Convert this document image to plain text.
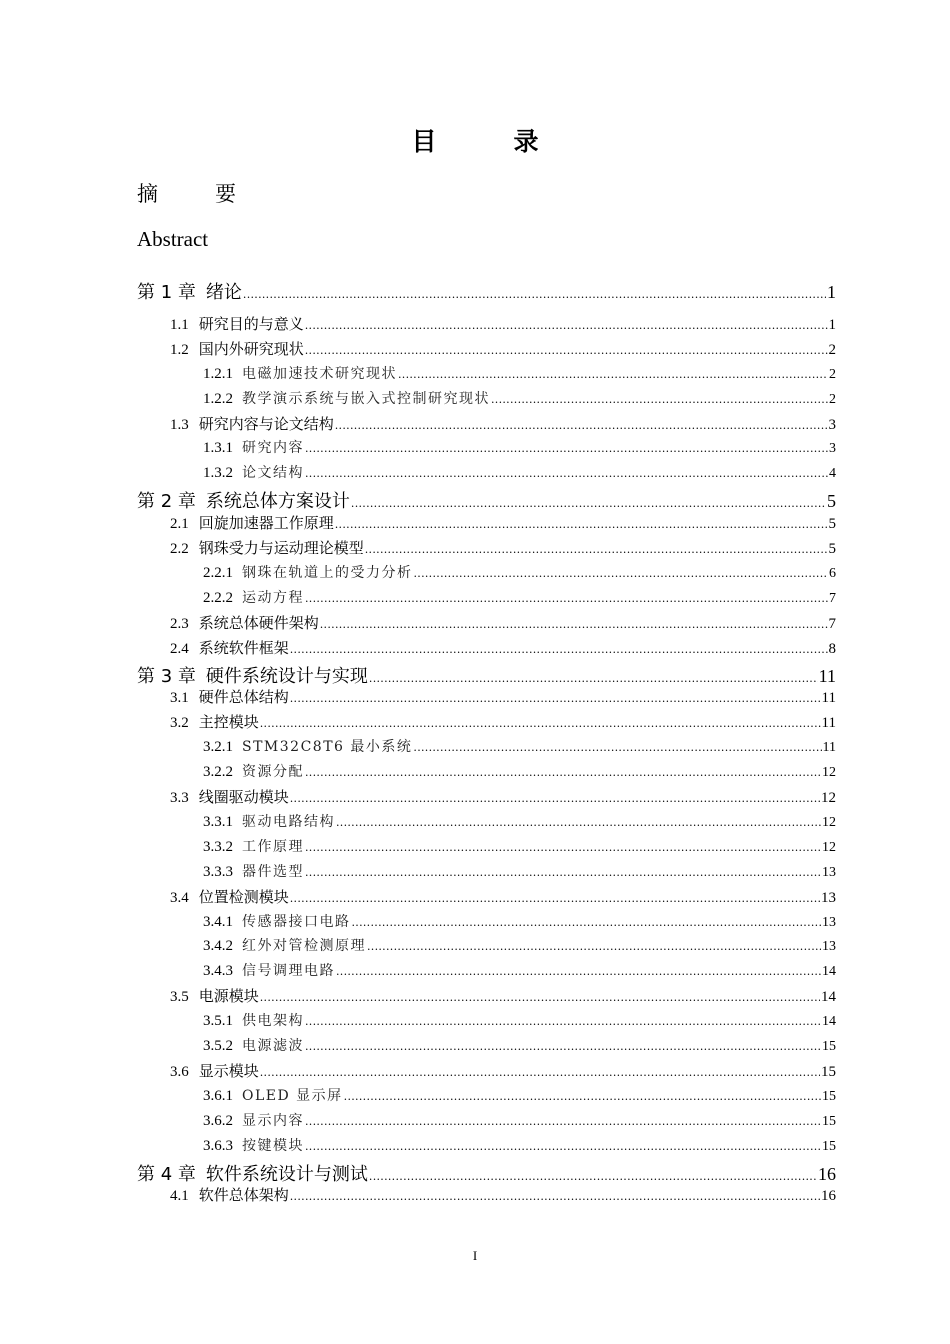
目　录
摘　要
Abstract
第 1 章 绪论 .....	1
1.1 研究目的与意义 .....	1
1.2 国内外研究现状 .....	2
1.2.1 电磁加速技术研究现状 .....	2
1.2.2 教学演示系统与嵌入式控制研究现状 .....	2
1.3 研究内容与论文结构 .....	3
1.3.1 研究内容 .....	3
1.3.2 论文结构 .....	4
第 2 章 系统总体方案设计 .....	5
2.1 回旋加速器工作原理 .....	5
2.2 钢珠受力与运动理论模型 .....	5
2.2.1 钢珠在轨道上的受力分析 .....	6
2.2.2 运动方程 .....	7
2.3 系统总体硬件架构 .....	7
2.4 系统软件框架 .....	8
第 3 章 硬件系统设计与实现 .....	11
3.1 硬件总体结构 .....	11
3.2 主控模块 .....	11
3.2.1 STM32C8T6 最小系统 .....	11
3.2.2 资源分配 .....	12
3.3 线圈驱动模块 .....	12
3.3.1 驱动电路结构 .....	12
3.3.2 工作原理 .....	12
3.3.3 器件选型 .....	13
3.4 位置检测模块 .....	13
3.4.1 传感器接口电路 .....	13
3.4.2 红外对管检测原理 .....	13
3.4.3 信号调理电路 .....	14
3.5 电源模块 .....	14
3.5.1 供电架构 .....	14
3.5.2 电源滤波 .....	15
3.6 显示模块 .....	15
3.6.1 OLED 显示屏 .....	15
3.6.2 显示内容 .....	15
3.6.3 按键模块 .....	15
第 4 章 软件系统设计与测试 .....	16
4.1 软件总体架构 .....	16
I
